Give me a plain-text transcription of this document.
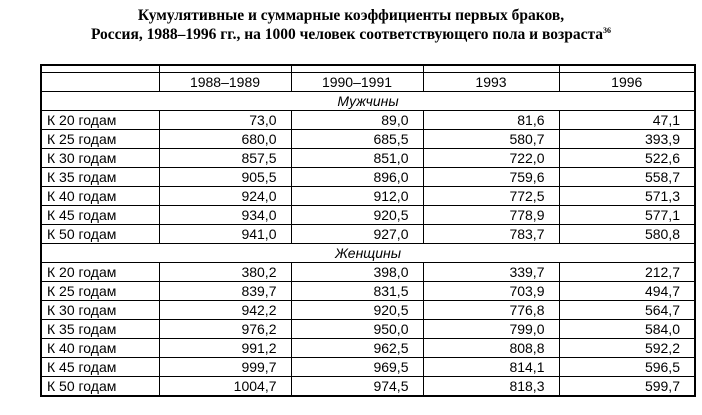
Кумулятивные и суммарные коэффициенты первых браков,
Россия, 1988–1996 гг., на 1000 человек соответствующего пола и возраста$^{36}$

	1988–1989	1990–1991	1993	1996
Мужчины				
К 20 годам	73,0	89,0	81,6	47,1
К 25 годам	680,0	685,5	580,7	393,9
К 30 годам	857,5	851,0	722,0	522,6
К 35 годам	905,5	896,0	759,6	558,7
К 40 годам	924,0	912,0	772,5	571,3
К 45 годам	934,0	920,5	778,9	577,1
К 50 годам	941,0	927,0	783,7	580,8
Женщины				
К 20 годам	380,2	398,0	339,7	212,7
К 25 годам	839,7	831,5	703,9	494,7
К 30 годам	942,2	920,5	776,8	564,7
К 35 годам	976,2	950,0	799,0	584,0
К 40 годам	991,2	962,5	808,8	592,2
К 45 годам	999,7	969,5	814,1	596,5
К 50 годам	1004,7	974,5	818,3	599,7
